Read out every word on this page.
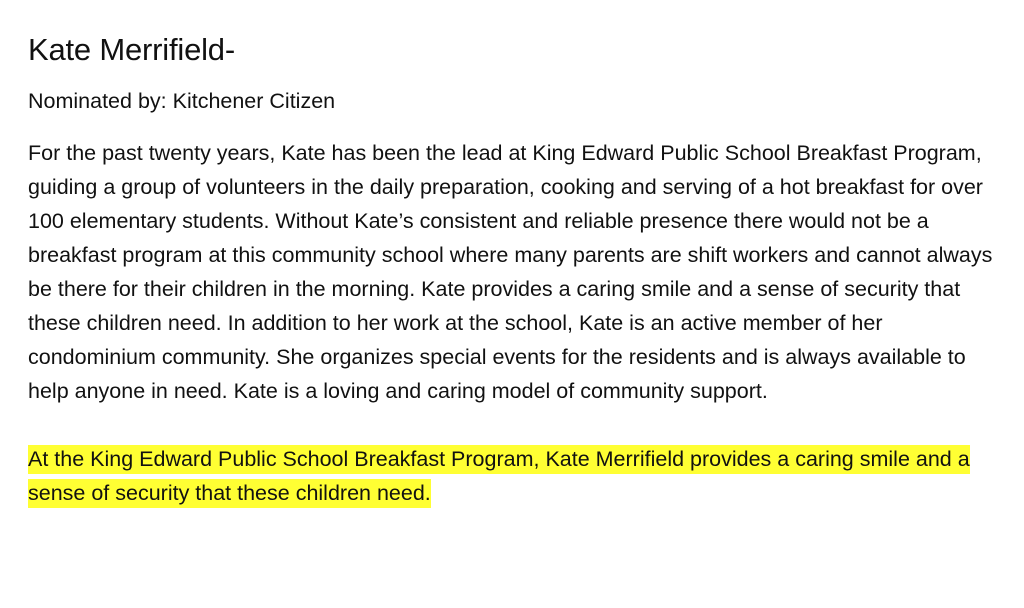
Kate Merrifield-

Nominated by: Kitchener Citizen

For the past twenty years, Kate has been the lead at King Edward Public School Breakfast Program, guiding a group of volunteers in the daily preparation, cooking and serving of a hot breakfast for over 100 elementary students. Without Kate’s consistent and reliable presence there would not be a breakfast program at this community school where many parents are shift workers and cannot always be there for their children in the morning. Kate provides a caring smile and a sense of security that these children need. In addition to her work at the school, Kate is an active member of her condominium community. She organizes special events for the residents and is always available to help anyone in need. Kate is a loving and caring model of community support.

At the King Edward Public School Breakfast Program, Kate Merrifield provides a caring smile and a sense of security that these children need.
